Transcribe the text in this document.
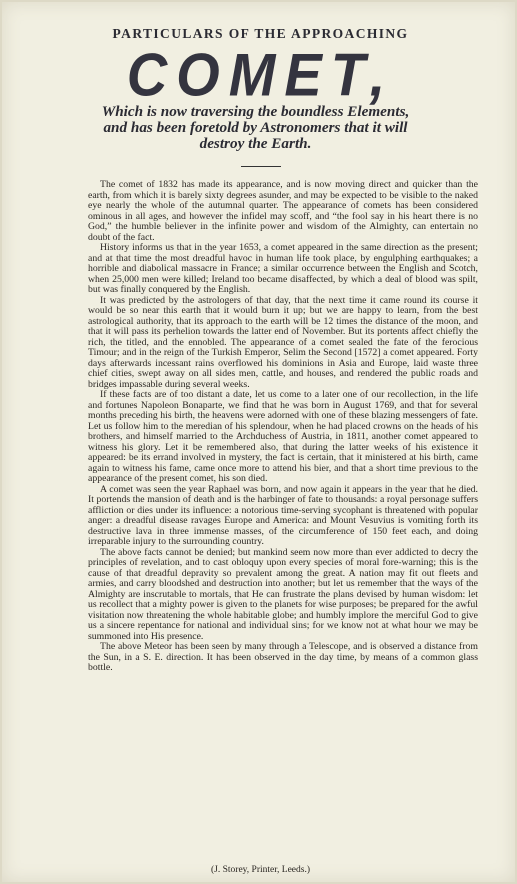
PARTICULARS OF THE APPROACHING
COMET,
Which is now traversing the boundless Elements, and has been foretold by Astronomers that it will destroy the Earth.

The comet of 1832 has made its appearance, and is now moving direct and quicker than the earth, from which it is barely sixty degrees asunder, and may be expected to be visible to the naked eye nearly the whole of the autumnal quarter. The appearance of comets has been considered ominous in all ages, and however the infidel may scoff, and “the fool say in his heart there is no God,” the humble believer in the infinite power and wisdom of the Almighty, can entertain no doubt of the fact.

History informs us that in the year 1653, a comet appeared in the same direction as the present; and at that time the most dreadful havoc in human life took place, by engulphing earthquakes; a horrible and diabolical massacre in France; a similar occurrence between the English and Scotch, when 25,000 men were killed; Ireland too became disaffected, by which a deal of blood was spilt, but was finally conquered by the English.

It was predicted by the astrologers of that day, that the next time it came round its course it would be so near this earth that it would burn it up; but we are happy to learn, from the best astrological authority, that its approach to the earth will be 12 times the distance of the moon, and that it will pass its perhelion towards the latter end of November. But its portents affect chiefly the rich, the titled, and the ennobled. The appearance of a comet sealed the fate of the ferocious Timour; and in the reign of the Turkish Emperor, Selim the Second [1572] a comet appeared. Forty days afterwards incessant rains overflowed his dominions in Asia and Europe, laid waste three chief cities, swept away on all sides men, cattle, and houses, and rendered the public roads and bridges impassable during several weeks.

If these facts are of too distant a date, let us come to a later one of our recollection, in the life and fortunes Napoleon Bonaparte, we find that he was born in August 1769, and that for several months preceding his birth, the heavens were adorned with one of these blazing messengers of fate. Let us follow him to the meredian of his splendour, when he had placed crowns on the heads of his brothers, and himself married to the Archduchess of Austria, in 1811, another comet appeared to witness his glory. Let it be remembered also, that during the latter weeks of his existence it appeared: be its errand involved in mystery, the fact is certain, that it ministered at his birth, came again to witness his fame, came once more to attend his bier, and that a short time previous to the appearance of the present comet, his son died.

A comet was seen the year Raphael was born, and now again it appears in the year that he died. It portends the mansion of death and is the harbinger of fate to thousands: a royal personage suffers affliction or dies under its influence: a notorious time-serving sycophant is threatened with popular anger: a dreadful disease ravages Europe and America: and Mount Vesuvius is vomiting forth its destructive lava in three immense masses, of the circumference of 150 feet each, and doing irreparable injury to the surrounding country.

The above facts cannot be denied; but mankind seem now more than ever addicted to decry the principles of revelation, and to cast obloquy upon every species of moral fore-warning; this is the cause of that dreadful depravity so prevalent among the great. A nation may fit out fleets and armies, and carry bloodshed and destruction into another; but let us remember that the ways of the Almighty are inscrutable to mortals, that He can frustrate the plans devised by human wisdom: let us recollect that a mighty power is given to the planets for wise purposes; be prepared for the awful visitation now threatening the whole habitable globe; and humbly implore the merciful God to give us a sincere repentance for national and individual sins; for we know not at what hour we may be summoned into His presence.

The above Meteor has been seen by many through a Telescope, and is observed a distance from the Sun, in a S. E. direction. It has been observed in the day time, by means of a common glass bottle.

(J. Storey, Printer, Leeds.)
